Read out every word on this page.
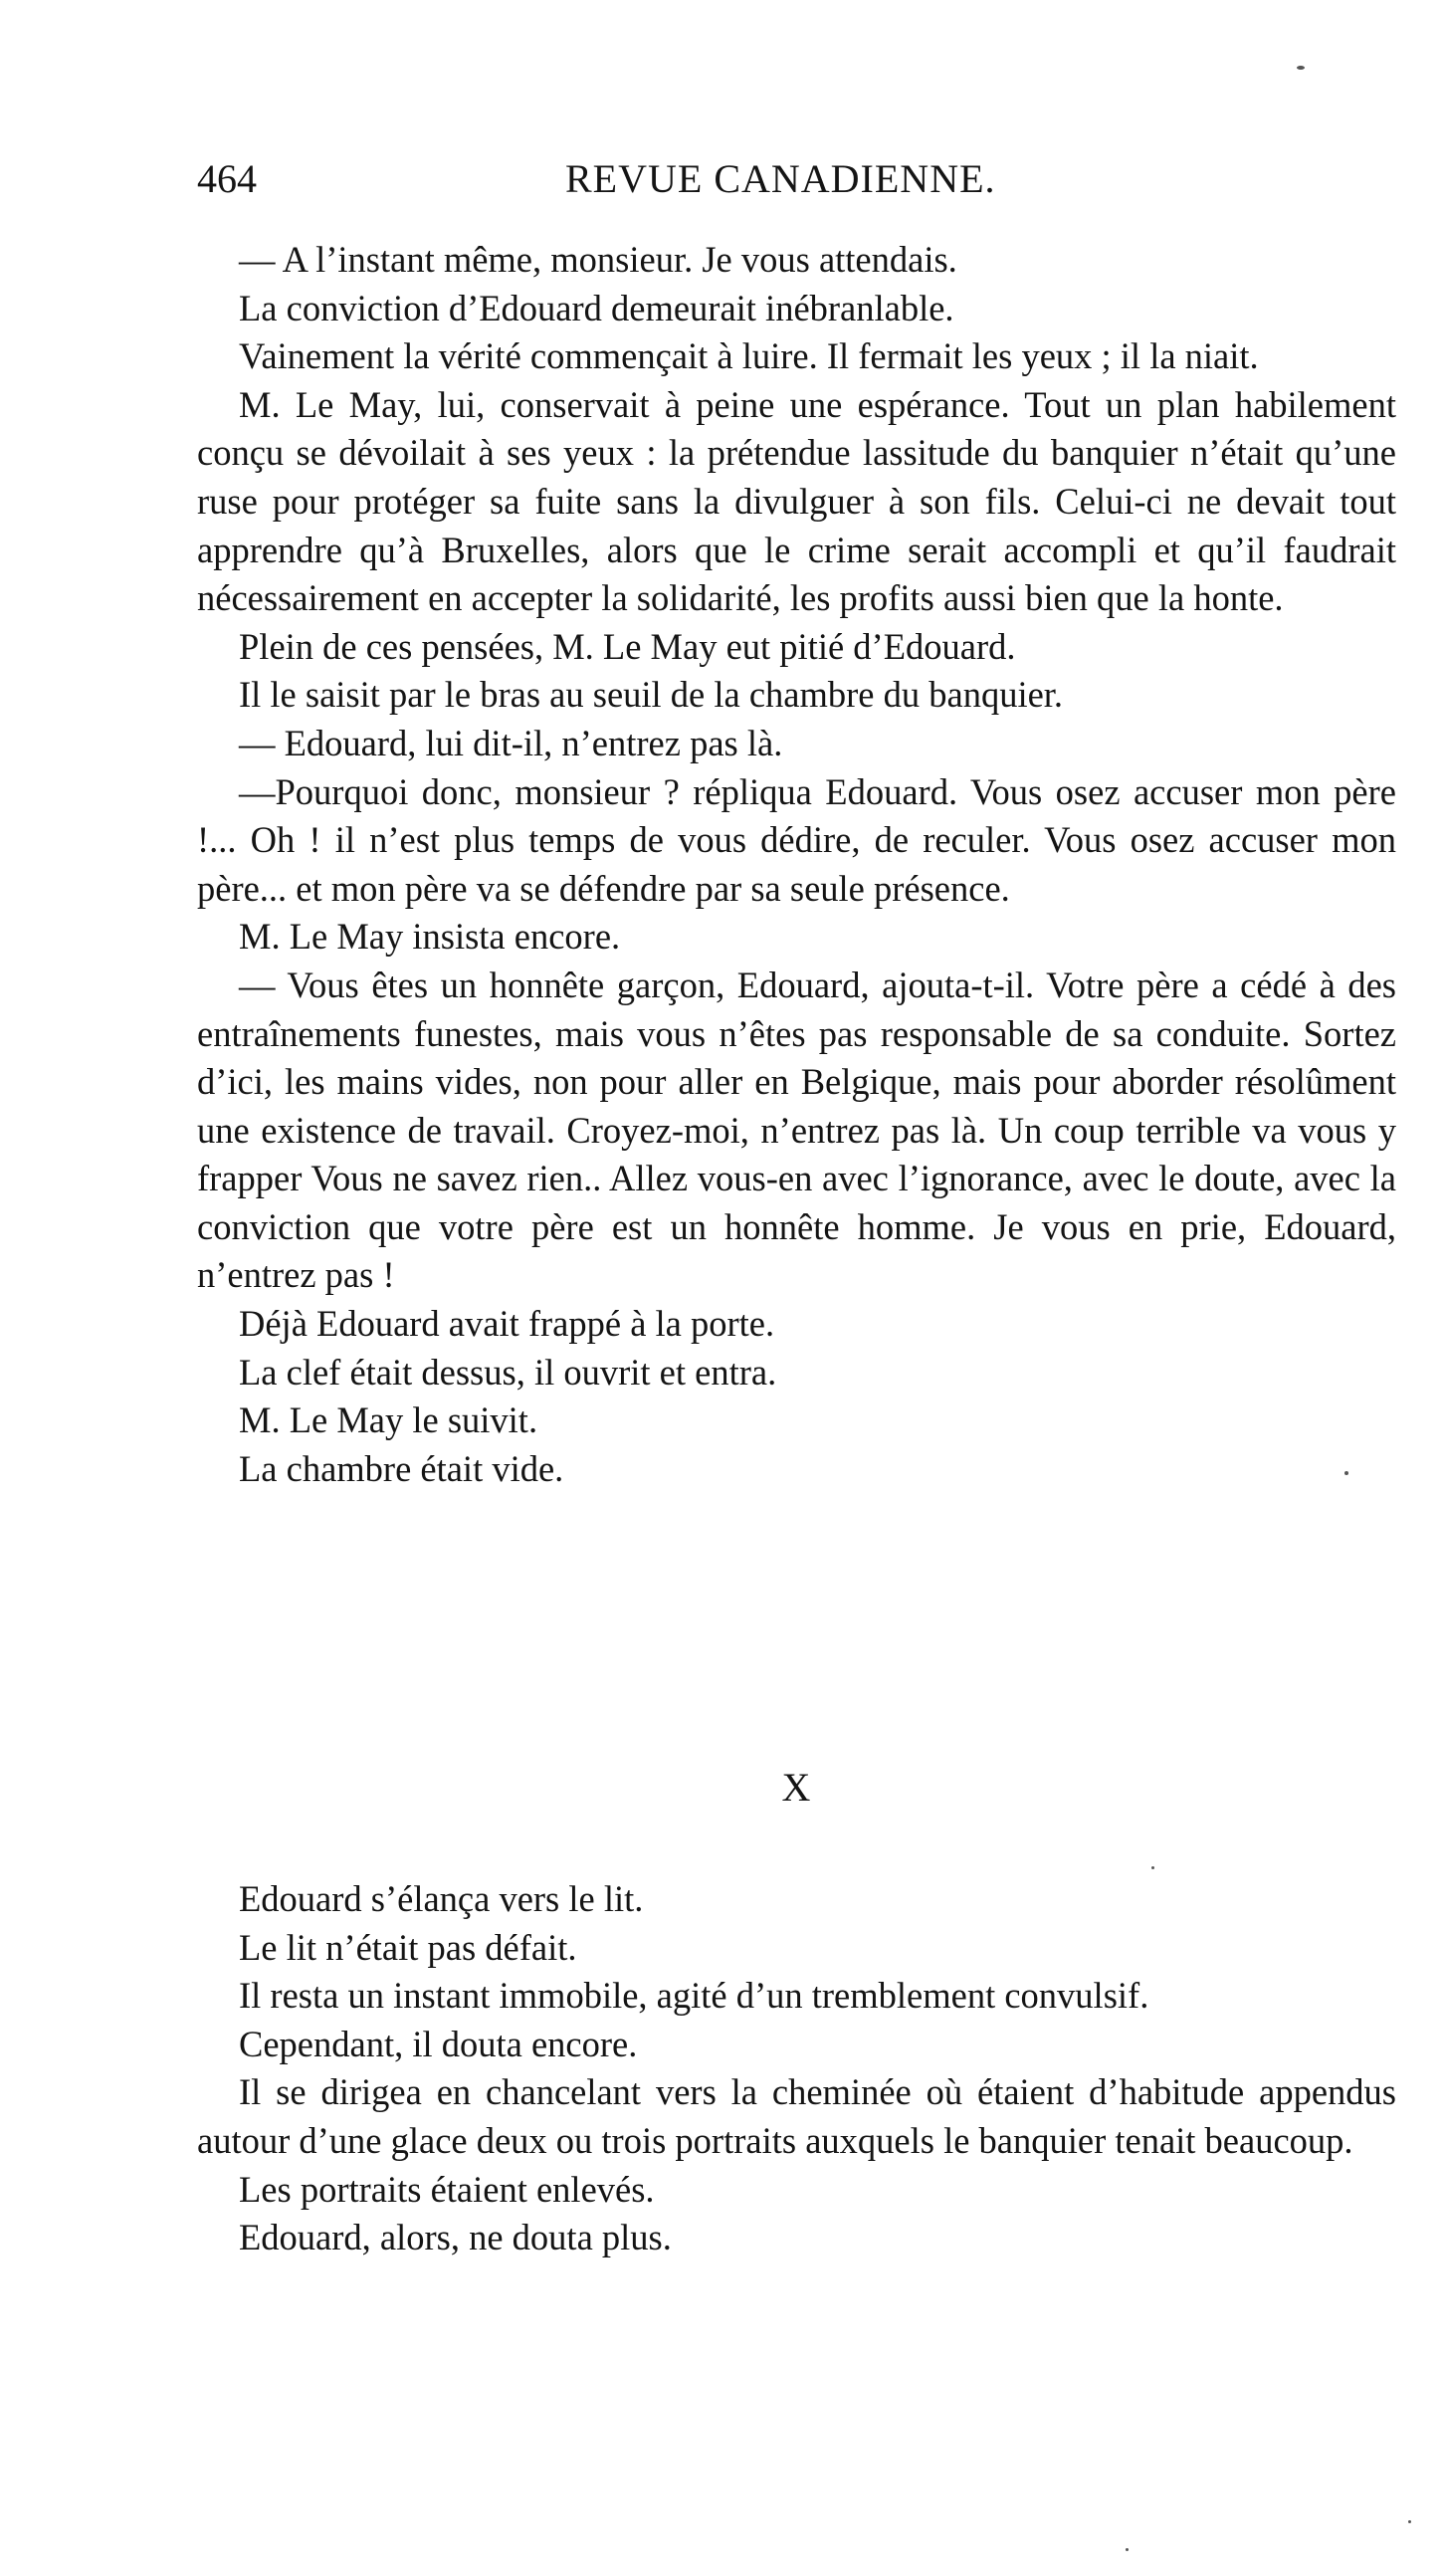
464	REVUE CANADIENNE.

— A l’instant même, monsieur. Je vous attendais.

La conviction d’Edouard demeurait inébranlable.

Vainement la vérité commençait à luire. Il fermait les yeux ; il la niait.

M. Le May, lui, conservait à peine une espérance. Tout un plan habilement conçu se dévoilait à ses yeux : la prétendue lassitude du banquier n’était qu’une ruse pour protéger sa fuite sans la divulguer à son fils. Celui-ci ne devait tout apprendre qu’à Bruxelles, alors que le crime serait accompli et qu’il faudrait nécessairement en accepter la solidarité, les profits aussi bien que la honte.

Plein de ces pensées, M. Le May eut pitié d’Edouard.

Il le saisit par le bras au seuil de la chambre du banquier.

— Edouard, lui dit-il, n’entrez pas là.

—Pourquoi donc, monsieur ? répliqua Edouard. Vous osez accuser mon père !... Oh ! il n’est plus temps de vous dédire, de reculer. Vous osez accuser mon père... et mon père va se défendre par sa seule présence.

M. Le May insista encore.

— Vous êtes un honnête garçon, Edouard, ajouta-t-il. Votre père a cédé à des entraînements funestes, mais vous n’êtes pas responsable de sa conduite. Sortez d’ici, les mains vides, non pour aller en Belgique, mais pour aborder résolûment une existence de travail. Croyez-moi, n’entrez pas là. Un coup terrible va vous y frapper Vous ne savez rien.. Allez vous-en avec l’ignorance, avec le doute, avec la conviction que votre père est un honnête homme. Je vous en prie, Edouard, n’entrez pas !

Déjà Edouard avait frappé à la porte.

La clef était dessus, il ouvrit et entra.

M. Le May le suivit.

La chambre était vide.

X

Edouard s’élança vers le lit.

Le lit n’était pas défait.

Il resta un instant immobile, agité d’un tremblement convulsif.

Cependant, il douta encore.

Il se dirigea en chancelant vers la cheminée où étaient d’habitude appendus autour d’une glace deux ou trois portraits auxquels le banquier tenait beaucoup.

Les portraits étaient enlevés.

Edouard, alors, ne douta plus.
